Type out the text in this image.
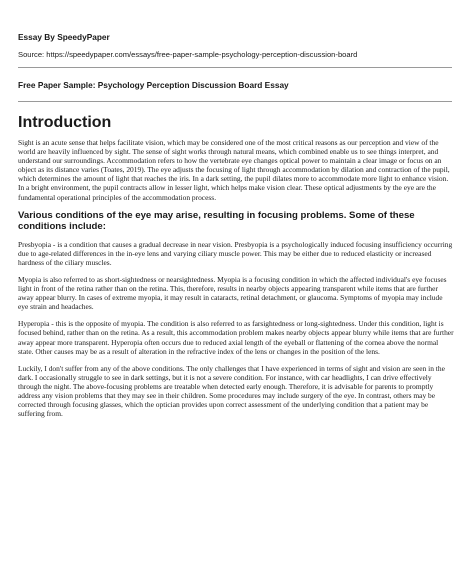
Essay By SpeedyPaper
Source: https://speedypaper.com/essays/free-paper-sample-psychology-perception-discussion-board
Free Paper Sample: Psychology Perception Discussion Board Essay
Introduction

Sight is an acute sense that helps facilitate vision, which may be considered one of the most critical reasons as our perception and view of the world are heavily influenced by sight. The sense of sight works through natural means, which combined enable us to see things interpret, and understand our surroundings. Accommodation refers to how the vertebrate eye changes optical power to maintain a clear image or focus on an object as its distance varies (Toates, 2019). The eye adjusts the focusing of light through accommodation by dilation and contraction of the pupil, which determines the amount of light that reaches the iris. In a dark setting, the pupil dilates more to accommodate more light to enhance vision. In a bright environment, the pupil contracts allow in lesser light, which helps make vision clear. These optical adjustments by the eye are the fundamental operational principles of the accommodation process.

Various conditions of the eye may arise, resulting in focusing problems. Some of these conditions include:

Presbyopia - is a condition that causes a gradual decrease in near vision. Presbyopia is a psychologically induced focusing insufficiency occurring due to age-related differences in the in-eye lens and varying ciliary muscle power. This may be either due to reduced elasticity or increased hardness of the ciliary muscles.

Myopia is also referred to as short-sightedness or nearsightedness. Myopia is a focusing condition in which the affected individual's eye focuses light in front of the retina rather than on the retina. This, therefore, results in nearby objects appearing transparent while items that are further away appear blurry. In cases of extreme myopia, it may result in cataracts, retinal detachment, or glaucoma. Symptoms of myopia may include eye strain and headaches.

Hyperopia - this is the opposite of myopia. The condition is also referred to as farsightedness or long-sightedness. Under this condition, light is focused behind, rather than on the retina. As a result, this accommodation problem makes nearby objects appear blurry while items that are further away appear more transparent. Hyperopia often occurs due to reduced axial length of the eyeball or flattening of the cornea above the normal state. Other causes may be as a result of alteration in the refractive index of the lens or changes in the position of the lens.

Luckily, I don't suffer from any of the above conditions. The only challenges that I have experienced in terms of sight and vision are seen in the dark. I occasionally struggle to see in dark settings, but it is not a severe condition. For instance, with car headlights, I can drive effectively through the night. The above-focusing problems are treatable when detected early enough. Therefore, it is advisable for parents to promptly address any vision problems that they may see in their children. Some procedures may include surgery of the eye. In contrast, others may be corrected through focusing glasses, which the optician provides upon correct assessment of the underlying condition that a patient may be suffering from.
